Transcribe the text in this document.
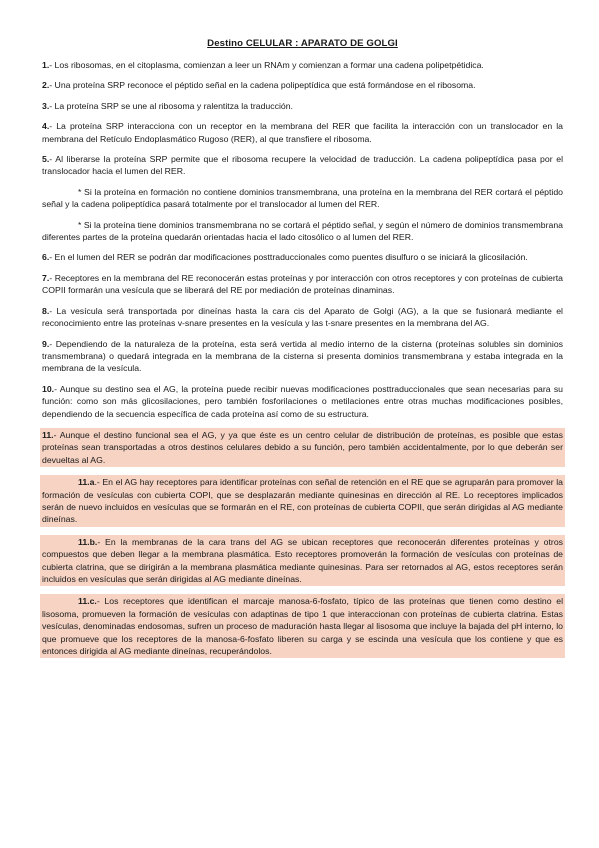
Destino CELULAR : APARATO DE GOLGI

1.- Los ribosomas, en el citoplasma, comienzan a leer un RNAm y comienzan a formar una cadena polipetpétidica.

2.- Una proteína SRP reconoce el péptido señal en la cadena polipeptídica que está formándose en el ribosoma.

3.- La proteína SRP se une al ribosoma y ralentitza la traducción.

4.- La proteína SRP interacciona con un receptor en la membrana del RER que facilita la interacción con un translocador en la membrana del Retículo Endoplasmático Rugoso (RER), al que transfiere el ribosoma.

5.- Al liberarse la proteína SRP permite que el ribosoma recupere la velocidad de traducción. La cadena polipeptídica pasa por el translocador hacia el lumen del RER.

* Si la proteína en formación no contiene dominios transmembrana, una proteína en la membrana del RER cortará el péptido señal y la cadena polipeptídica pasará totalmente por el translocador al lumen del RER.

* Si la proteína tiene dominios transmembrana no se cortará el péptido señal, y según el número de dominios transmembrana diferentes partes de la proteína quedarán orientadas hacia el lado citosólico o al lumen del RER.

6.- En el lumen del RER se podrán dar modificaciones posttraduccionales como puentes disulfuro o se iniciará la glicosilación.

7.- Receptores en la membrana del RE reconocerán estas proteínas y por interacción con otros receptores y con proteínas de cubierta COPII formarán una vesícula que se liberará del RE por mediación de proteínas dinaminas.

8.- La vesícula será transportada por dineínas hasta la cara cis del Aparato de Golgi (AG), a la que se fusionará mediante el reconocimiento entre las proteínas v-snare presentes en la vesícula y las t-snare presentes en la membrana del AG.

9.- Dependiendo de la naturaleza de la proteína, esta será vertida al medio interno de la cisterna (proteínas solubles sin dominios transmembrana) o quedará integrada en la membrana de la cisterna si presenta dominios transmembrana y estaba integrada en la membrana de la vesícula.

10.- Aunque su destino sea el AG, la proteína puede recibir nuevas modificaciones posttraduccionales que sean necesarias para su función: como son más glicosilaciones, pero también fosforilaciones o metilaciones entre otras muchas modificaciones posibles, dependiendo de la secuencia específica de cada proteína así como de su estructura.

11.- Aunque el destino funcional sea el AG, y ya que éste es un centro celular de distribución de proteínas, es posible que estas proteínas sean transportadas a otros destinos celulares debido a su función, pero también accidentalmente, por lo que deberán ser devueltas al AG.

11.a.- En el AG hay receptores para identificar proteínas con señal de retención en el RE que se agruparán para promover la formación de vesículas con cubierta COPI, que se desplazarán mediante quinesinas en dirección al RE. Lo receptores implicados serán de nuevo incluidos en vesículas que se formarán en el RE, con proteínas de cubierta COPII, que serán dirigidas al AG mediante dineínas.

11.b.- En la membranas de la cara trans del AG se ubican receptores que reconocerán diferentes proteínas y otros compuestos que deben llegar a la membrana plasmática. Esto receptores promoverán la formación de vesículas con proteínas de cubierta clatrina, que se dirigirán a la membrana plasmática mediante quinesinas. Para ser retornados al AG, estos receptores serán incluidos en vesículas que serán dirigidas al AG mediante dineínas.

11.c.- Los receptores que identifican el marcaje manosa-6-fosfato, típico de las proteínas que tienen como destino el lisosoma, promueven la formación de vesículas con adaptinas de tipo 1 que interaccionan con proteínas de cubierta clatrina. Estas vesículas, denominadas endosomas, sufren un proceso de maduración hasta llegar al lisosoma que incluye la bajada del pH interno, lo que promueve que los receptores de la manosa-6-fosfato liberen su carga y se escinda una vesícula que los contiene y que es entonces dirigida al AG mediante dineínas, recuperándolos.
